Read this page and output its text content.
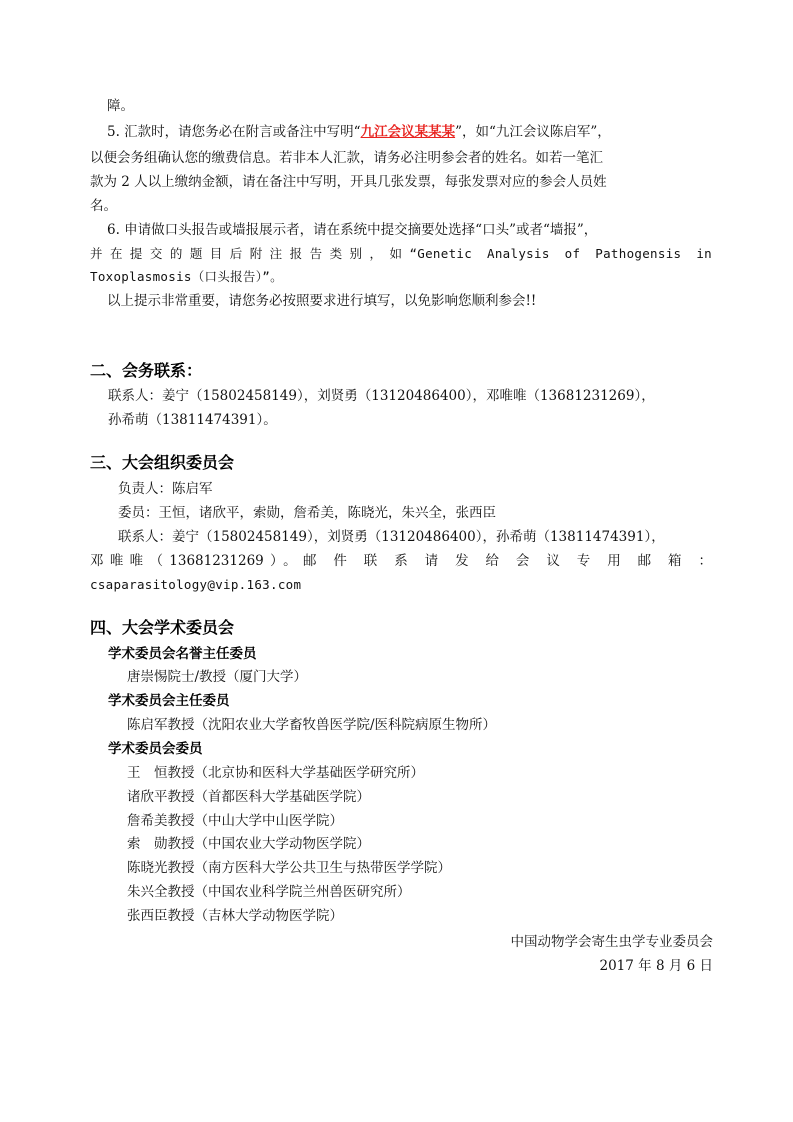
障。
5. 汇款时，请您务必在附言或备注中写明“九江会议某某某”，如“九江会议陈启军”，
以便会务组确认您的缴费信息。若非本人汇款，请务必注明参会者的姓名。如若一笔汇
款为 2 人以上缴纳金额，请在备注中写明，开具几张发票，每张发票对应的参会人员姓
名。
6. 申请做口头报告或墙报展示者，请在系统中提交摘要处选择“口头”或者“墙报”，
并在提交的题目后附注报告类别，如“Genetic Analysis of Pathogensis in
Toxoplasmosis（口头报告）”。
以上提示非常重要，请您务必按照要求进行填写，以免影响您顺利参会!!
二、会务联系：
联系人：姜宁（15802458149），刘贤勇（13120486400），邓唯唯（13681231269），
孙希萌（13811474391）。
三、大会组织委员会
负责人：陈启军
委员：王恒，诸欣平，索勋，詹希美，陈晓光，朱兴全，张西臣
联系人：姜宁（15802458149），刘贤勇（13120486400），孙希萌（13811474391），
邓唯唯（13681231269）。邮 件 联 系 请 发 给 会 议 专 用 邮 箱 ：
csaparasitology@vip.163.com
四、大会学术委员会
学术委员会名誉主任委员
唐崇惕院士/教授（厦门大学）
学术委员会主任委员
陈启军教授（沈阳农业大学畜牧兽医学院/医科院病原生物所）
学术委员会委员
王　恒教授（北京协和医科大学基础医学研究所）
诸欣平教授（首都医科大学基础医学院）
詹希美教授（中山大学中山医学院）
索　勋教授（中国农业大学动物医学院）
陈晓光教授（南方医科大学公共卫生与热带医学学院）
朱兴全教授（中国农业科学院兰州兽医研究所）
张西臣教授（吉林大学动物医学院）
中国动物学会寄生虫学专业委员会
2017 年 8 月 6 日
